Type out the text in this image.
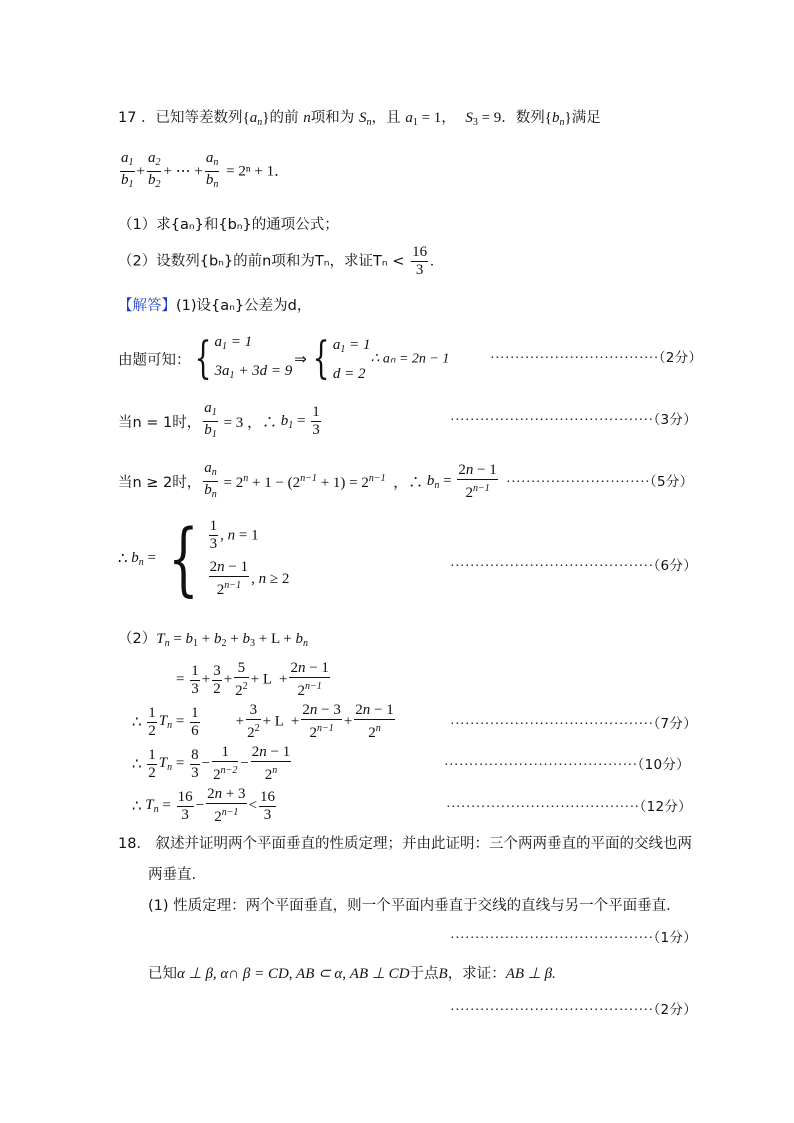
17 ．已知等差数列$\{a_n\}$的前 n项和为 $S_n$，且 $a_1 = 1$， $S_3 = 9$．数列$\{b_n\}$满足
$\frac{a_1}{b_1} + \frac{a_2}{b_2}$ + ⋯ + $\frac{a_n}{b_n} = 2^n + 1$．
（1）求{aₙ}和{bₙ}的通项公式；
（2）设数列{bₙ}的前n项和为Tₙ，求证$T_n < \frac{16}{3}$ .
【解答】(1)设{aₙ}公差为d，
由题可知：{ $a_1 = 1$
$3a_1 + 3d = 9$
⇒ { $a_1 = 1$
d = 2
∴ aₙ = 2n − 1	··································（2分）
当n = 1时， $\frac{a_1}{b_1} = 3$ ，∴ $b_1 = \frac{1}{3}$	·········································（3分）
当n ≥ 2时， $\frac{a_n}{b_n} = 2^n + 1 - (2^{n-1} + 1) = 2^{n-1}$  ，∴ $b_n = \frac{2n - 1}{2^{n-1}} \cdot\cdot\cdot\cdot\cdot\cdot\cdot\cdot\cdot\cdot\cdot\cdot\cdot\cdot\cdot\cdot\cdot\cdot\cdot\cdot\cdot\cdot\cdot\cdot\cdot\cdot\cdot\cdot\cdot(5$分）
∴ $b_n$ = { $\frac{1}{3}$ , n = 1
$\frac{2n - 1}{2^{n-1}}$ , n ≥ 2
·········································（6分）
$(2)T_n = b_1 + b_2 + b_3 + L + b_n$
= $\frac{1}{3} + \frac{3}{2} + \frac{5}{2^2} + L + \frac{2n - 1}{2^{n-1}}$
∴ $\frac{1}{2} T_n = \frac{1}{6} + \frac{3}{2^2} + L + \frac{2n - 3}{2^{n-1}} + \frac{2n - 1}{2^n}$	·········································（7分）
∴ $\frac{1}{2} T_n = \frac{8}{3} - \frac{1}{2^{n-2}} - \frac{2n - 1}{2^n}$	·······································（10分）
∴ $T_n = \frac{16}{3} - \frac{2n + 3}{2^{n-1}} < \frac{16}{3}$	·······································（12分）
18． 叙述并证明两个平面垂直的性质定理；并由此证明：三个两两垂直的平面的交线也两
两垂直.
(1) 性质定理：两个平面垂直，则一个平面内垂直于交线的直线与另一个平面垂直.
·········································（1分）
已知α ⊥ β, α∩ β = CD, AB ⊂ α, AB ⊥ CD于点B，求证：AB ⊥ β.
·········································（2分）
